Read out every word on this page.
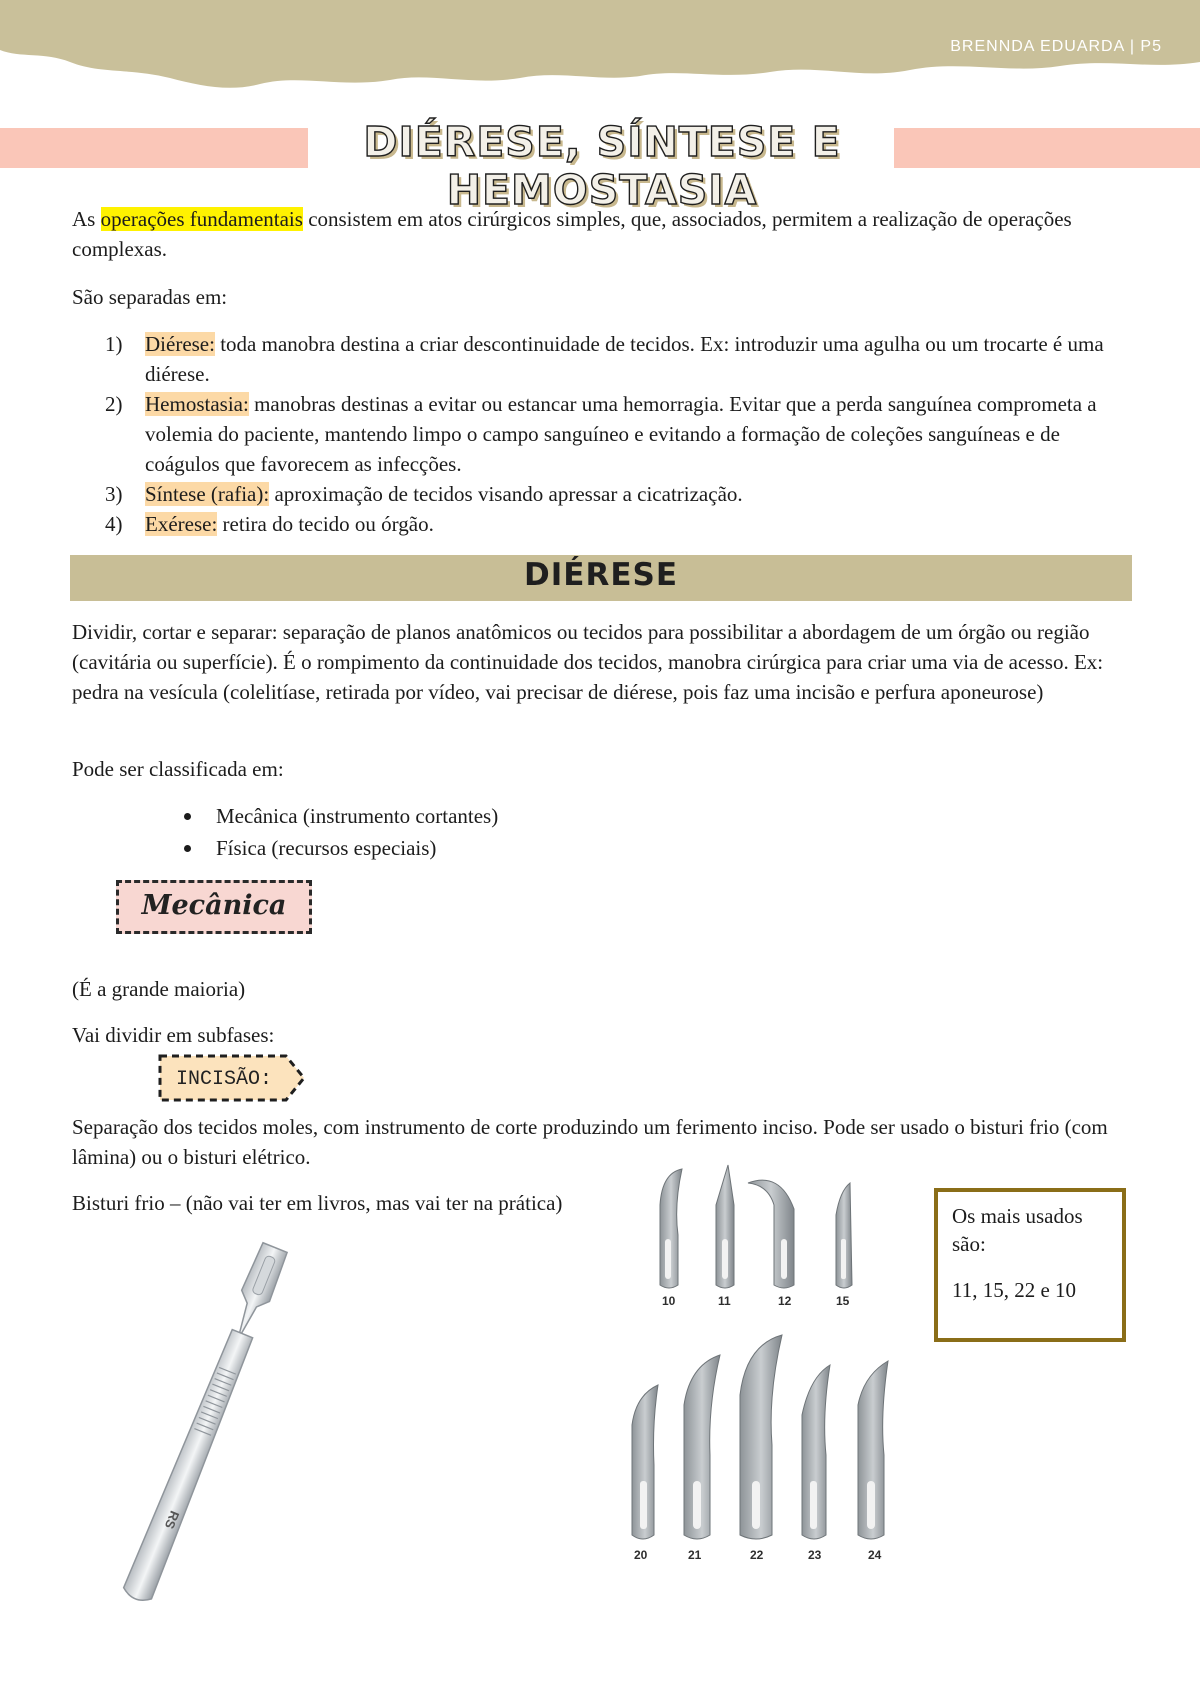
BRENNDA EDUARDA | P5
DIÉRESE, SÍNTESE E HEMOSTASIA
As operações fundamentais consistem em atos cirúrgicos simples, que, associados, permitem a realização de operações complexas.
São separadas em:
1) Diérese: toda manobra destina a criar descontinuidade de tecidos. Ex: introduzir uma agulha ou um trocarte é uma diérese.
2) Hemostasia: manobras destinas a evitar ou estancar uma hemorragia. Evitar que a perda sanguínea comprometa a volemia do paciente, mantendo limpo o campo sanguíneo e evitando a formação de coleções sanguíneas e de coágulos que favorecem as infecções.
3) Síntese (rafia): aproximação de tecidos visando apressar a cicatrização.
4) Exérese: retira do tecido ou órgão.
DIÉRESE
Dividir, cortar e separar: separação de planos anatômicos ou tecidos para possibilitar a abordagem de um órgão ou região (cavitária ou superfície). É o rompimento da continuidade dos tecidos, manobra cirúrgica para criar uma via de acesso. Ex: pedra na vesícula (colelitíase, retirada por vídeo, vai precisar de diérese, pois faz uma incisão e perfura aponeurose)
Pode ser classificada em:
Mecânica (instrumento cortantes)
Física (recursos especiais)
Mecânica
(É a grande maioria)
Vai dividir em subfases:
INCISÃO:
Separação dos tecidos moles, com instrumento de corte produzindo um ferimento inciso. Pode ser usado o bisturi frio (com lâmina) ou o bisturi elétrico.
Bisturi frio – (não vai ter em livros, mas vai ter na prática)
RS
10	11	12	15
20	21	22	23	24

Os mais usados são:

11, 15, 22 e 10
